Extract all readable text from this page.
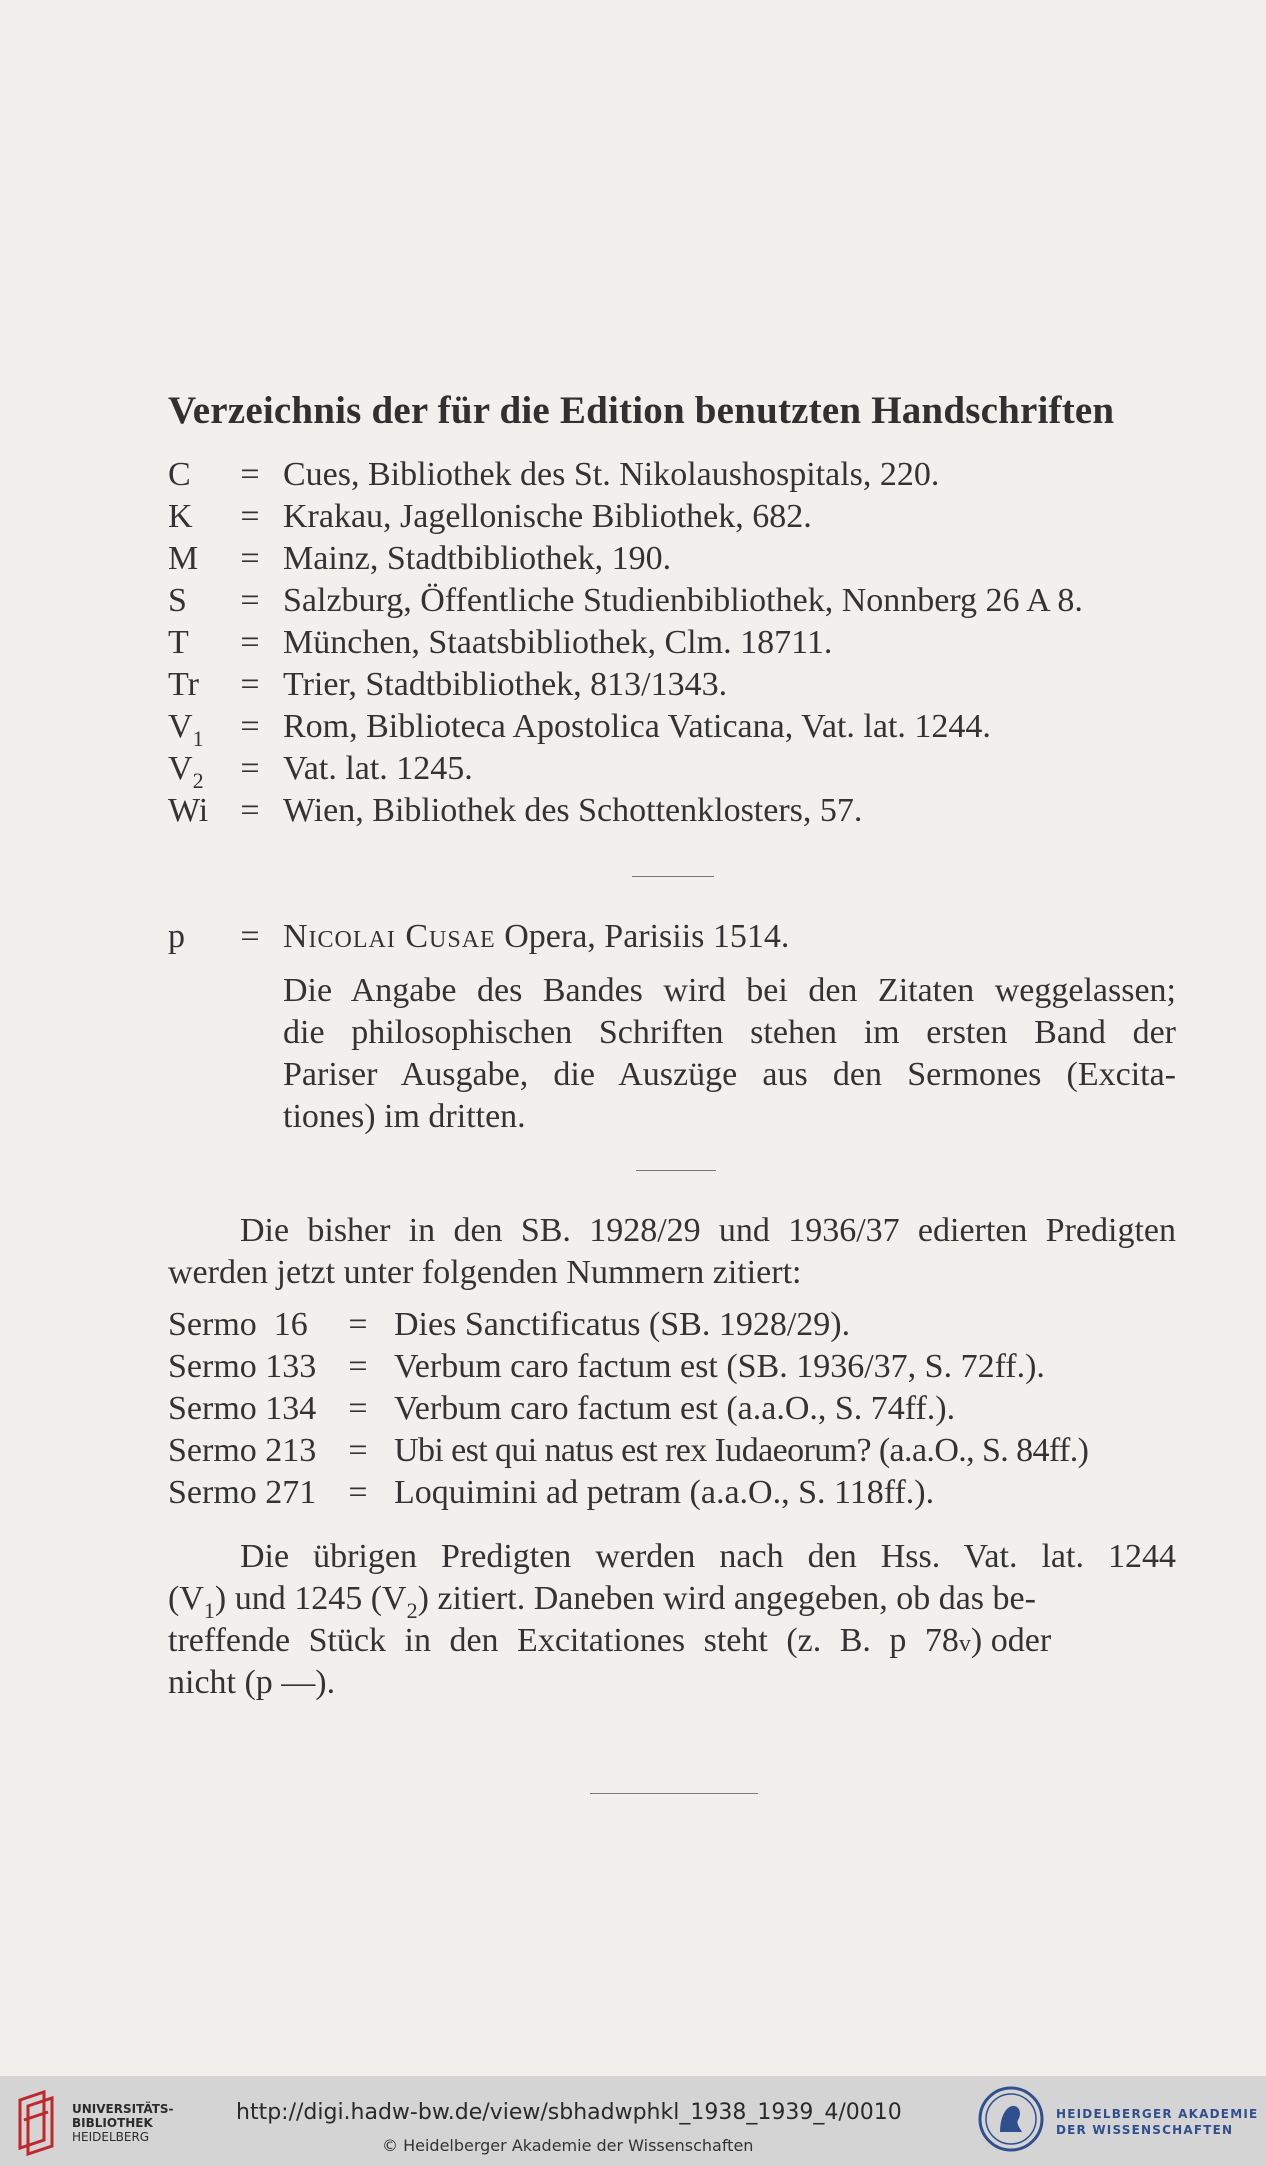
Verzeichnis der für die Edition benutzten Handschriften
C	= Cues, Bibliothek des St. Nikolaushospitals, 220.
K	= Krakau, Jagellonische Bibliothek, 682.
M	= Mainz, Stadtbibliothek, 190.
S	= Salzburg, Öffentliche Studienbibliothek, Nonnberg 26 A 8.
T	= München, Staatsbibliothek, Clm. 18711.
Tr	= Trier, Stadtbibliothek, 813/1343.
$V_1$	= Rom, Biblioteca Apostolica Vaticana, Vat. lat. 1244.
$V_2$	= Vat. lat. 1245.
Wi = Wien, Bibliothek des Schottenklosters, 57.
p	= Nicolai Cusae Opera, Parisiis 1514.
Die Angabe des Bandes wird bei den Zitaten weggelassen;
die philosophischen Schriften stehen im ersten Band der
Pariser Ausgabe, die Auszüge aus den Sermones (Excita-
tiones) im dritten.
Die bisher in den SB. 1928/29 und 1936/37 edierten Predigten
werden jetzt unter folgenden Nummern zitiert:
Sermo  16	= Dies Sanctificatus (SB. 1928/29).
Sermo 133 = Verbum caro factum est (SB. 1936/37, S. 72ff.).
Sermo 134 = Verbum caro factum est (a.a.O., S. 74ff.).
Sermo 213 = Ubi est qui natus est rex Iudaeorum? (a.a.O., S. 84ff.)
Sermo 271 = Loquimini ad petram (a.a.O., S. 118ff.).
Die übrigen Predigten werden nach den Hss. Vat. lat. 1244
$(V_1)$ und 1245 $(V_2)$ zitiert. Daneben wird angegeben, ob das be-
treffende Stück in den Excitationes steht (z. B. p 78v) oder
nicht (p —).
UNIVERSITÄTS-
BIBLIOTHEK
HEIDELBERG
http://digi.hadw-bw.de/view/sbhadwphkl_1938_1939_4/0010
© Heidelberger Akademie der Wissenschaften
HEIDELBERGER AKADEMIE
DER WISSENSCHAFTEN
